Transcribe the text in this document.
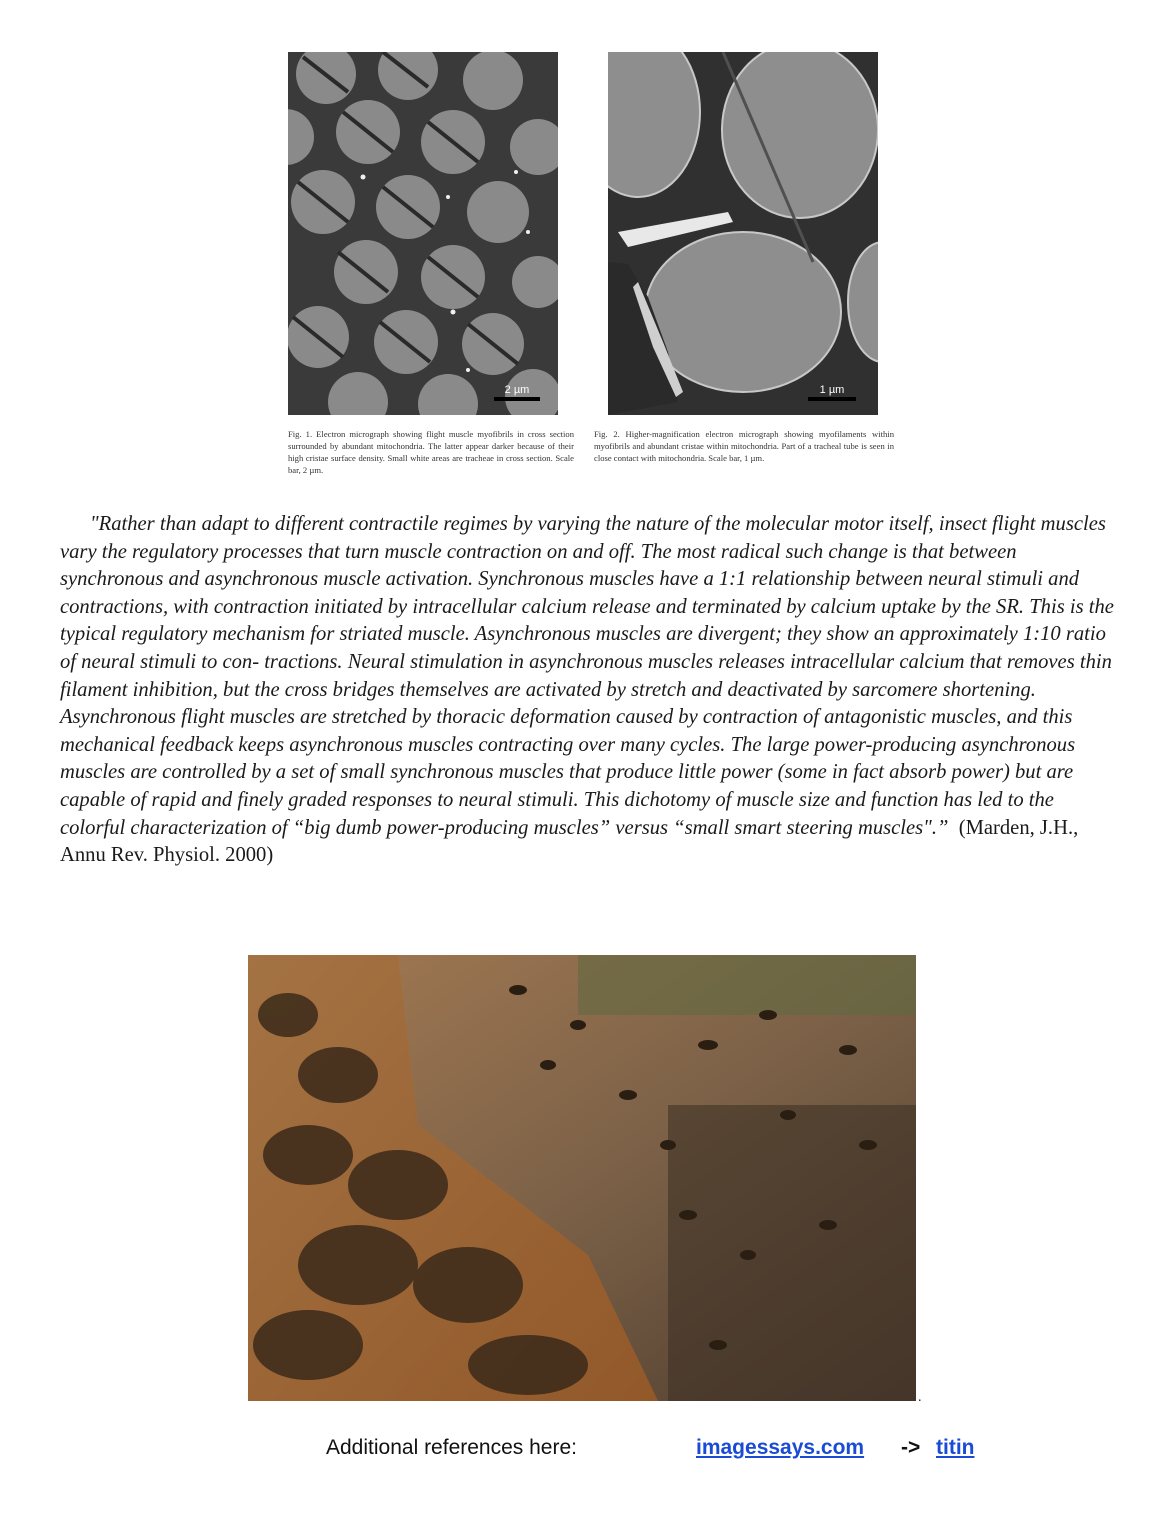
2 µm	1 µm
Fig. 1. Electron micrograph showing flight muscle myofibrils in cross section surrounded by abundant mitochondria. The latter appear darker because of their high cristae surface density. Small white areas are tracheae in cross section. Scale bar, 2 µm.
Fig. 2. Higher-magnification electron micrograph showing myofilaments within myofibrils and abundant cristae within mitochondria. Part of a tracheal tube is seen in close contact with mitochondria. Scale bar, 1 µm.

"Rather than adapt to different contractile regimes by varying the nature of the molecular motor itself, insect flight muscles vary the regulatory processes that turn muscle contraction on and off. The most radical such change is that between synchronous and asynchronous muscle activation. Synchronous muscles have a 1:1 relationship between neural stimuli and contractions, with contraction initiated by intracellular calcium release and terminated by calcium uptake by the SR. This is the typical regulatory mechanism for striated muscle. Asynchronous muscles are divergent; they show an approximately 1:10 ratio of neural stimuli to con- tractions. Neural stimulation in asynchronous muscles releases intracellular calcium that removes thin filament inhibition, but the cross bridges themselves are activated by stretch and deactivated by sarcomere shortening. Asynchronous flight muscles are stretched by thoracic deformation caused by contraction of antagonistic muscles, and this mechanical feedback keeps asynchronous muscles contracting over many cycles. The large power-producing asynchronous muscles are controlled by a set of small synchronous muscles that produce little power (some in fact absorb power) but are capable of rapid and finely graded responses to neural stimuli. This dichotomy of muscle size and function has led to the colorful characterization of “big dumb power-producing muscles” versus “small smart steering muscles".” (Marden, J.H., Annu Rev. Physiol. 2000)

.
Additional references here:	imagessays.com -> titin
